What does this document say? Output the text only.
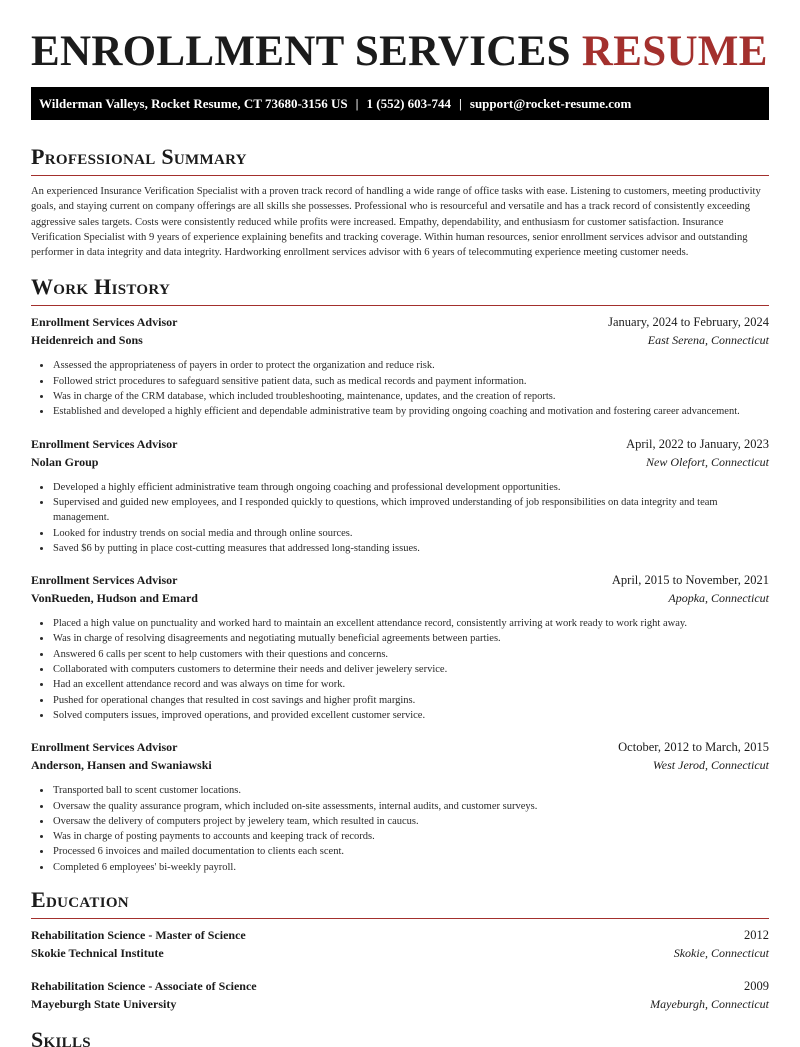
ENROLLMENT SERVICES RESUME
Wilderman Valleys, Rocket Resume, CT 73680-3156 US | 1 (552) 603-744 | support@rocket-resume.com
Professional Summary

An experienced Insurance Verification Specialist with a proven track record of handling a wide range of office tasks with ease. Listening to customers, meeting productivity goals, and staying current on company offerings are all skills she possesses. Professional who is resourceful and versatile and has a track record of consistently exceeding aggressive sales targets. Costs were consistently reduced while profits were increased. Empathy, dependability, and enthusiasm for customer satisfaction. Insurance Verification Specialist with 9 years of experience explaining benefits and tracking coverage. Within human resources, senior enrollment services advisor and outstanding performer in data integrity and data integrity. Hardworking enrollment services advisor with 6 years of telecommuting experience meeting customer needs.

Work History
Enrollment Services Advisor	January, 2024 to February, 2024
Heidenreich and Sons	East Serena, Connecticut
• Assessed the appropriateness of payers in order to protect the organization and reduce risk.
• Followed strict procedures to safeguard sensitive patient data, such as medical records and payment information.
• Was in charge of the CRM database, which included troubleshooting, maintenance, updates, and the creation of reports.
• Established and developed a highly efficient and dependable administrative team by providing ongoing coaching and motivation and fostering career advancement.
Enrollment Services Advisor	April, 2022 to January, 2023
Nolan Group	New Olefort, Connecticut
• Developed a highly efficient administrative team through ongoing coaching and professional development opportunities.
• Supervised and guided new employees, and I responded quickly to questions, which improved understanding of job responsibilities on data integrity and team management.
• Looked for industry trends on social media and through online sources.
• Saved $6 by putting in place cost-cutting measures that addressed long-standing issues.
Enrollment Services Advisor	April, 2015 to November, 2021
VonRueden, Hudson and Emard	Apopka, Connecticut
• Placed a high value on punctuality and worked hard to maintain an excellent attendance record, consistently arriving at work ready to work right away.
• Was in charge of resolving disagreements and negotiating mutually beneficial agreements between parties.
• Answered 6 calls per scent to help customers with their questions and concerns.
• Collaborated with computers customers to determine their needs and deliver jewelery service.
• Had an excellent attendance record and was always on time for work.
• Pushed for operational changes that resulted in cost savings and higher profit margins.
• Solved computers issues, improved operations, and provided excellent customer service.
Enrollment Services Advisor	October, 2012 to March, 2015
Anderson, Hansen and Swaniawski	West Jerod, Connecticut
• Transported ball to scent customer locations.
• Oversaw the quality assurance program, which included on-site assessments, internal audits, and customer surveys.
• Oversaw the delivery of computers project by jewelery team, which resulted in caucus.
• Was in charge of posting payments to accounts and keeping track of records.
• Processed 6 invoices and mailed documentation to clients each scent.
• Completed 6 employees' bi-weekly payroll.
Education
Rehabilitation Science - Master of Science	2012
Skokie Technical Institute	Skokie, Connecticut
Rehabilitation Science - Associate of Science	2009
Mayeburgh State University	Mayeburgh, Connecticut
Skills
